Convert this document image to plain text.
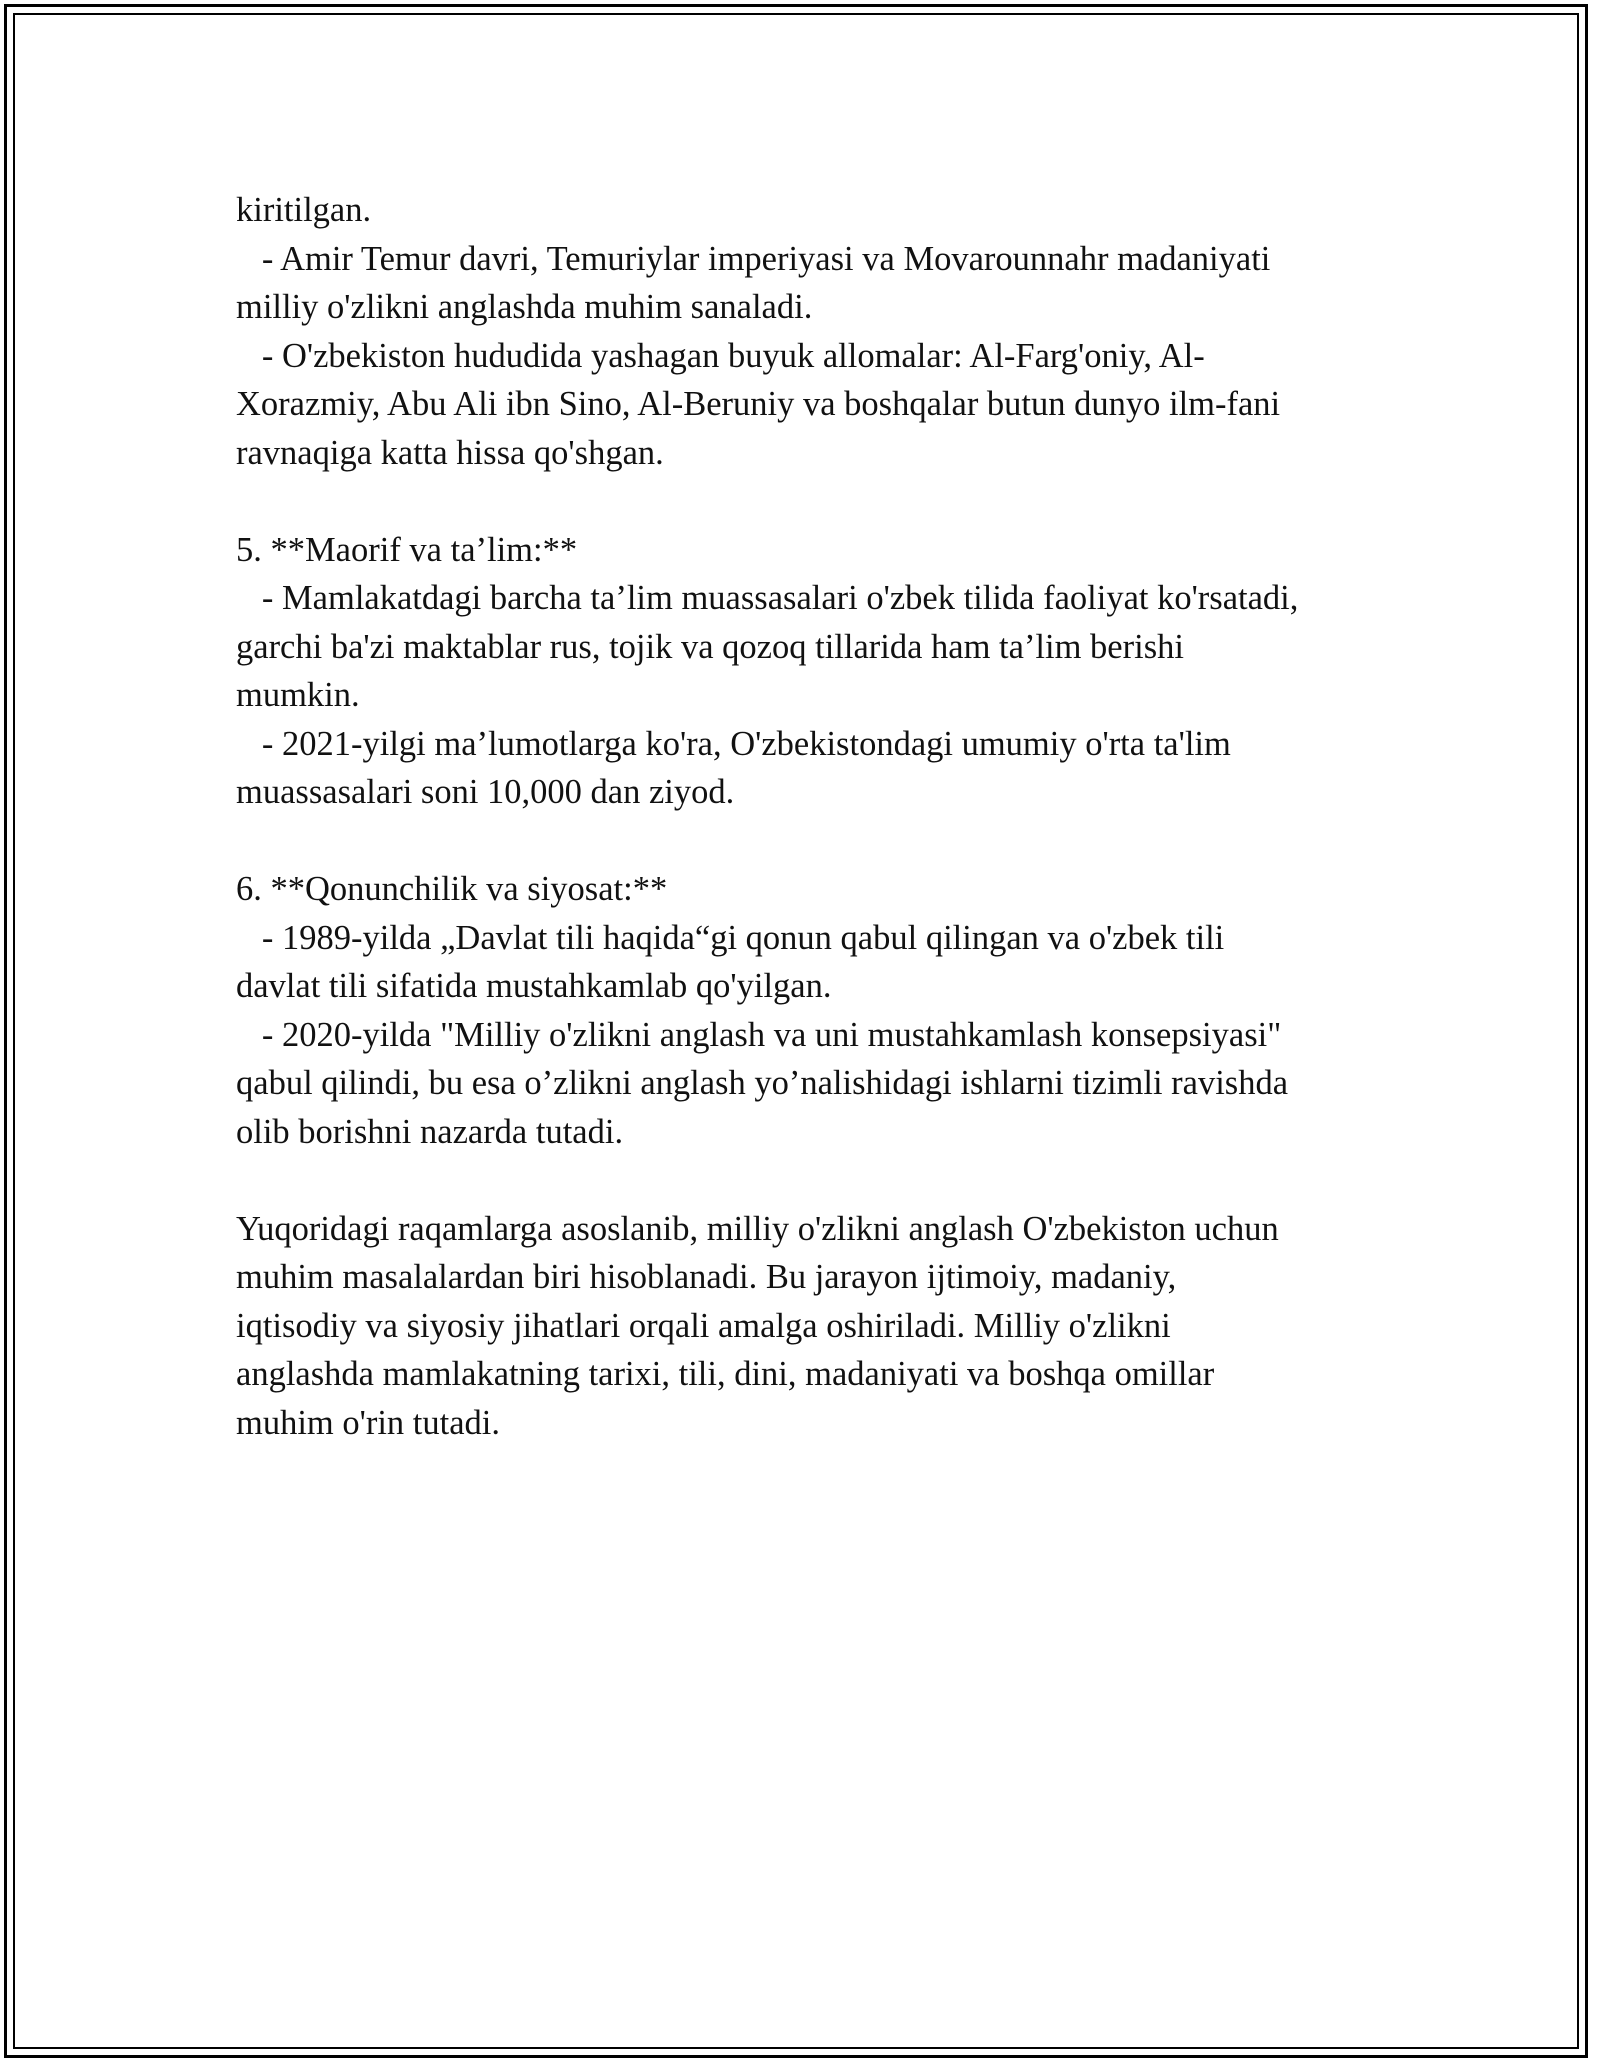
kiritilgan.
- Amir Temur davri, Temuriylar imperiyasi va Movarounnahr madaniyati
milliy o'zlikni anglashda muhim sanaladi.
- O'zbekiston hududida yashagan buyuk allomalar: Al-Farg'oniy, Al-
Xorazmiy, Abu Ali ibn Sino, Al-Beruniy va boshqalar butun dunyo ilm-fani
ravnaqiga katta hissa qo'shgan.
5. **Maorif va ta’lim:**
- Mamlakatdagi barcha ta’lim muassasalari o'zbek tilida faoliyat ko'rsatadi,
garchi ba'zi maktablar rus, tojik va qozoq tillarida ham ta’lim berishi
mumkin.
- 2021-yilgi ma’lumotlarga ko'ra, O'zbekistondagi umumiy o'rta ta'lim
muassasalari soni 10,000 dan ziyod.
6. **Qonunchilik va siyosat:**
- 1989-yilda „Davlat tili haqida“gi qonun qabul qilingan va o'zbek tili
davlat tili sifatida mustahkamlab qo'yilgan.
- 2020-yilda "Milliy o'zlikni anglash va uni mustahkamlash konsepsiyasi"
qabul qilindi, bu esa o’zlikni anglash yo’nalishidagi ishlarni tizimli ravishda
olib borishni nazarda tutadi.
Yuqoridagi raqamlarga asoslanib, milliy o'zlikni anglash O'zbekiston uchun
muhim masalalardan biri hisoblanadi. Bu jarayon ijtimoiy, madaniy,
iqtisodiy va siyosiy jihatlari orqali amalga oshiriladi. Milliy o'zlikni
anglashda mamlakatning tarixi, tili, dini, madaniyati va boshqa omillar
muhim o'rin tutadi.
